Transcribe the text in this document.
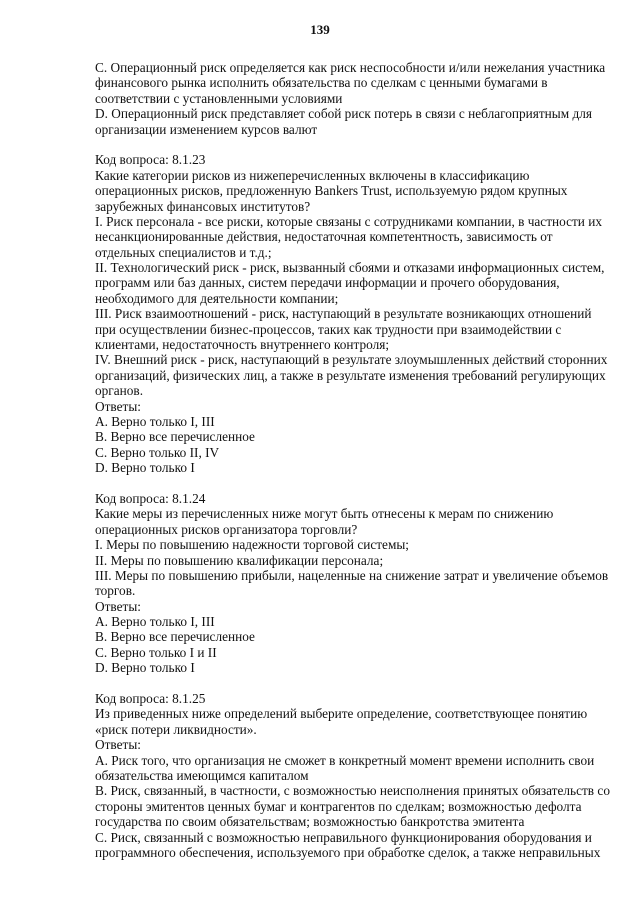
139
C. Операционный риск определяется как риск неспособности и/или нежелания участника
финансового рынка исполнить обязательства по сделкам с ценными бумагами в
соответствии с установленными условиями
D. Операционный риск представляет собой риск потерь в связи с неблагоприятным для
организации изменением курсов валют
Код вопроса: 8.1.23
Какие категории рисков из нижеперечисленных включены в классификацию
операционных рисков, предложенную Bankers Trust, используемую рядом крупных
зарубежных финансовых институтов?
I. Риск персонала - все риски, которые связаны с сотрудниками компании, в частности их
несанкционированные действия, недостаточная компетентность, зависимость от
отдельных специалистов и т.д.;
II. Технологический риск - риск, вызванный сбоями и отказами информационных систем,
программ или баз данных, систем передачи информации и прочего оборудования,
необходимого для деятельности компании;
III. Риск взаимоотношений - риск, наступающий в результате возникающих отношений
при осуществлении бизнес-процессов, таких как трудности при взаимодействии с
клиентами, недостаточность внутреннего контроля;
IV. Внешний риск - риск, наступающий в результате злоумышленных действий сторонних
организаций, физических лиц, а также в результате изменения требований регулирующих
органов.
Ответы:
A. Верно только I, III
B. Верно все перечисленное
C. Верно только II, IV
D. Верно только I
Код вопроса: 8.1.24
Какие меры из перечисленных ниже могут быть отнесены к мерам по снижению
операционных рисков организатора торговли?
I. Меры по повышению надежности торговой системы;
II. Меры по повышению квалификации персонала;
III. Меры по повышению прибыли, нацеленные на снижение затрат и увеличение объемов
торгов.
Ответы:
A. Верно только I, III
B. Верно все перечисленное
C. Верно только I и II
D. Верно только I
Код вопроса: 8.1.25
Из приведенных ниже определений выберите определение, соответствующее понятию
«риск потери ликвидности».
Ответы:
A. Риск того, что организация не сможет в конкретный момент времени исполнить свои
обязательства имеющимся капиталом
B. Риск, связанный, в частности, с возможностью неисполнения принятых обязательств со
стороны эмитентов ценных бумаг и контрагентов по сделкам; возможностью дефолта
государства по своим обязательствам; возможностью банкротства эмитента
C. Риск, связанный с возможностью неправильного функционирования оборудования и
программного обеспечения, используемого при обработке сделок, а также неправильных
